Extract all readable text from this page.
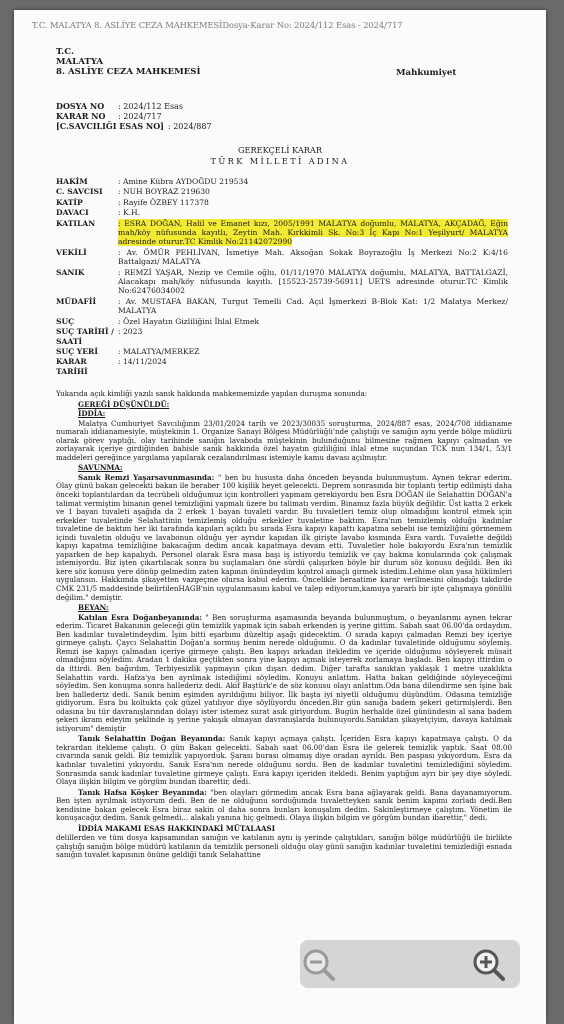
T.C. MALATYA 8. ASLİYE CEZA MAHKEMESİDosya-Karar No: 2024/112 Esas - 2024/717
T.C.
MALATYA
8. ASLİYE CEZA MAHKEMESİ	Mahkumiyet
DOSYA NO : 2024/112 Esas
KARAR NO : 2024/717
[C.SAVCILIĞI ESAS NO] : 2024/887
GEREKÇELİ KARAR
TÜRK MİLLETİ ADINA
HAKİM	: Amine Kübra AYDOĞDU 219534
C. SAVCISI	: NUH BOYRAZ 219630
KATİP	: Rayife ÖZBEY 117378
DAVACI	: K.H.
KATILAN	: ESRA DOĞAN, Halil ve Emanet kızı, 2005/1991 MALATYA doğumlu, MALATYA, AKÇADAĞ, Eğin mah/köy nüfusunda kayıtlı, Zeytin Mah. Kırkkimli Sk. No:3 İç Kapı No:1 Yeşilyurt/ MALATYA adresinde oturur.TC Kimlik No:21142072990
VEKİLİ	: Av. ÖMÜR PEHLİVAN, İsmetiye Mah. Aksoğan Sokak Boyrazoğlu İş Merkezi No:2 K:4/16 Battalgazi/ MALATYA
SANIK	: REMZİ YAŞAR, Nezip ve Cemile oğlu, 01/11/1970 MALATYA doğumlu, MALATYA, BATTALGAZİ, Alacakapı mah/köy nüfusunda kayıtlı. [15523-25739-56911] UETS adresinde oturur.TC Kimlik No:62476034002
MÜDAFİİ	: Av. MUSTAFA BAKAN, Turgut Temelli Cad. Açıl İşmerkezi B-Blok Kat: 1/2 Malatya Merkez/ MALATYA
SUÇ	: Özel Hayatın Gizliliğini İhlal Etmek
SUÇ TARİHİ / SAATİ
: 2023
SUÇ YERİ	: MALATYA/MERKEZ
KARAR TARİHİ
: 14/11/2024

Yukarıda açık kimliği yazılı sanık hakkında mahkememizde yapılan duruşma sonunda:

GEREĞİ DÜŞÜNÜLDÜ:
İDDİA:

Malatya Cumhuriyet Savcılığının 23/01/2024 tarih ve 2023/30035 soruşturma, 2024/887 esas, 2024/708 iddianame numaralı iddianamesiyle, müştekinin 1. Organize Sanayi Bölgesi Müdürlüğü'nde çalıştığı ve sanığın aynı yerde bölge müdürü olarak görev yaptığı, olay tarihinde sanığın lavaboda müştekinin bulunduğunu bilmesine rağmen kapıyı çalmadan ve zorlayarak içeriye girdiğinden bahisle sanık hakkında özel hayatın gizliliğini ihlal etme suçundan TCK nun 134/1, 53/1 maddeleri gereğince yargılama yapılarak cezalandırılması istemiyle kamu davası açılmıştır.

SAVUNMA:

Sanık Remzi Yaşarsavunmasında: " ben bu hususta daha önceden beyanda bulunmuştum. Aynen tekrar ederim. Olay günü bakan gelecekti bakan ile beraber 100 kişilik heyet gelecekti. Deprem sonrasında bir toplantı tertip edilmişti daha önceki toplantılardan da tecrübeli olduğumuz için kontrolleri yapmam gerekiyordu ben Esra DOĞAN ile Selahattin DOĞAN'a talimat vermiştim binanın genel temizliğini yapmalı üzere bu talimatı verdim. Binamız fazla büyük değildir. Üst katta 2 erkek ve 1 bayan tuvaleti aşağıda da 2 erkek 1 bayan tuvaleti vardır. Bu tuvaletleri temiz olup olmadığını kontrol etmek için erkekler tuvaletinde Selahattinin temizlemiş olduğu erkekler tuvaletine baktım. Esra'nın temizlemiş olduğu kadınlar tuvaletine de baktım her iki tarafında kapıları açıktı bu sırada Esra kapıyı kapattı kapatma sebebi ise temizliğini görmemem içindi tuvaletin olduğu ve lavabonun olduğu yer ayrıdır kapıdan ilk girişte lavabo kısmında Esra vardı. Tuvalette değildi kapıyı kapatma temizliğine bakacağım dedim ancak kapatmaya devam etti. Tuvaletler hole bakıyordu Esra'nın temizlik yaparken de hep kapalıydı. Personel olarak Esra masa başı iş istiyordu temizlik ve çay bakma konularında çok çalışmak istemiyordu. Biz işten çıkartılacak sonra bu suçlamaları öne sürdü çalışırken böyle bir durum söz konusu değildi. Ben iki kere söz konusu yere dönüp gelmedim zaten kapının önündeydim kontrol amaçlı girmek istedim.Lehime olan yasa hükümleri uygulansın. Hakkımda şikayetten vazgeçme olursa kabul ederim. Öncelikle beraatime karar verilmesini olmadığı takdirde CMK 231/5 maddesinde belirtilenHAGB'nin uygulanmasını kabul ve talep ediyorum,kamuya yararlı bir işte çalışmaya gönüllü değilim." demiştir.

BEYAN:

Katılan Esra Doğanbeyanında: " Ben soruşturma aşamasında beyanda bulunmuştum, o beyanlarımı aynen tekrar ederim. Ticaret Bakanının geleceği gün temizlik yapmak için sabah erkenden iş yerine gittim. Sabah saat 06.00'da ordaydım. Ben kadınlar tuvaletindeydim. İşim bitti eşarbımı düzeltip aşağı gidecektim. O sırada kapıyı çalmadan Remzi bey içeriye girmeye çalıştı. Çaycı Selahattin Doğan'a sormuş benim nerede olduğumu. O da kadınlar tuvaletinde olduğumu söylemiş. Remzi ise kapıyı çalmadan içeriye girmeye çalıştı. Ben kapıyı arkadan itekledim ve içeride olduğumu söyleyerek müsait olmadığımı söyledim. Aradan 1 dakika geçtikten sonra yine kapıyı açmak isteyerek zorlamaya başladı. Ben kapıyı ittirdim o da ittirdi. Ben bağırdım. Terbiyesizlik yapmayın çıkın dışarı dedim. Diğer tarafta sanıktan yaklaşık 1 metre uzaklıkta Selahattin vardı. Hafza'ya ben ayrılmak istediğimi söyledim. Konuyu anlattım. Hatta bakan geldiğinde söyleyeceğimi söyledim. Sen konuşma sonra hallederiz dedi. Akif Baştürk'e de söz konusu olayı anlattım.Oda bana dilendirme sen işine bak ben hallederiz dedi. Sanık benim eşimden ayrıldığımı biliyor. İlk başta iyi niyetli olduğumu düşündüm. Odasına temizliğe gidiyorum. Esra bu koltukta çok güzel yatılıyor diye söylüyordu önceden.Bir gün sanığa badem şekeri getirmişlerdi. Ben odasına bu tür davranışlarından dolayı ister istemez surat asık giriyordum. Bugün herhalde özel günündesin al sana badem şekeri ikram edeyim şeklinde iş yerine yakışık olmayan davranışlarda bulunuyordu.Sanıktan şikayetçiyim, davaya katılmak istiyorum" demiştir

Tanık Selahattin Doğan Beyanında: Sanık kapıyı açmaya çalıştı. İçeriden Esra kapıyı kapatmaya çalıştı. O da tekrardan itekleme çalıştı. O gün Bakan gelecekti. Sabah saat 06.00'dan Esra ile gelerek temizlik yaptık. Saat 08.00 civarında sanık geldi. Biz temizlik yapıyorduk. Şarası burası olmamış diye oradan ayrıldı. Ben paspası yıkıyordum. Esra da kadınlar tuvaletini yıkıyordu. Sanık Esra'nın nerede olduğunu sordu. Ben de kadınlar tuvaletini temizlediğini söyledim. Sonrasında sanık kadınlar tuvaletine girmeye çalıştı. Esra kapıyı içeriden itekledi. Benim yaptığım ayrı bir şey diye söyledi. Olaya ilişkin bilgim ve görgüm bundan ibarettir, dedi.

Tanık Hafsa Köşker Beyanında: "ben olayları görmedim ancak Esra bana ağlayarak geldi. Bana dayanamıyorum. Ben işten ayrılmak istiyorum dedi. Ben de ne olduğunu sorduğumda tuvaletteyken sanık benim kapımı zorladı dedi.Ben kendisine bakan gelecek Esra biraz sakin ol daha sonra bunları konuşalım dedim. Sakinleştirmeye çalıştım. Yönetim ile konuşacağız dedim. Sanık gelmedi... alakalı yanına hiç gelmedi. Olaya ilişkin bilgim ve görgüm bundan ibarettir," dedi.

İDDİA MAKAMI ESAS HAKKINDAKİ MÜTALAASI

delillerden ve tüm dosya kapsamından sanığın ve katılanın aynı iş yerinde çalıştıkları, sanığın bölge müdürlüğü ile birlikte çalıştığı sanığın bölge müdürü katılanın da temizlik personeli olduğu olay günü sanığın kadınlar tuvaletini temizlediği esnada sanığın tuvalet kapısının önüne geldiği tanık Selahattine
